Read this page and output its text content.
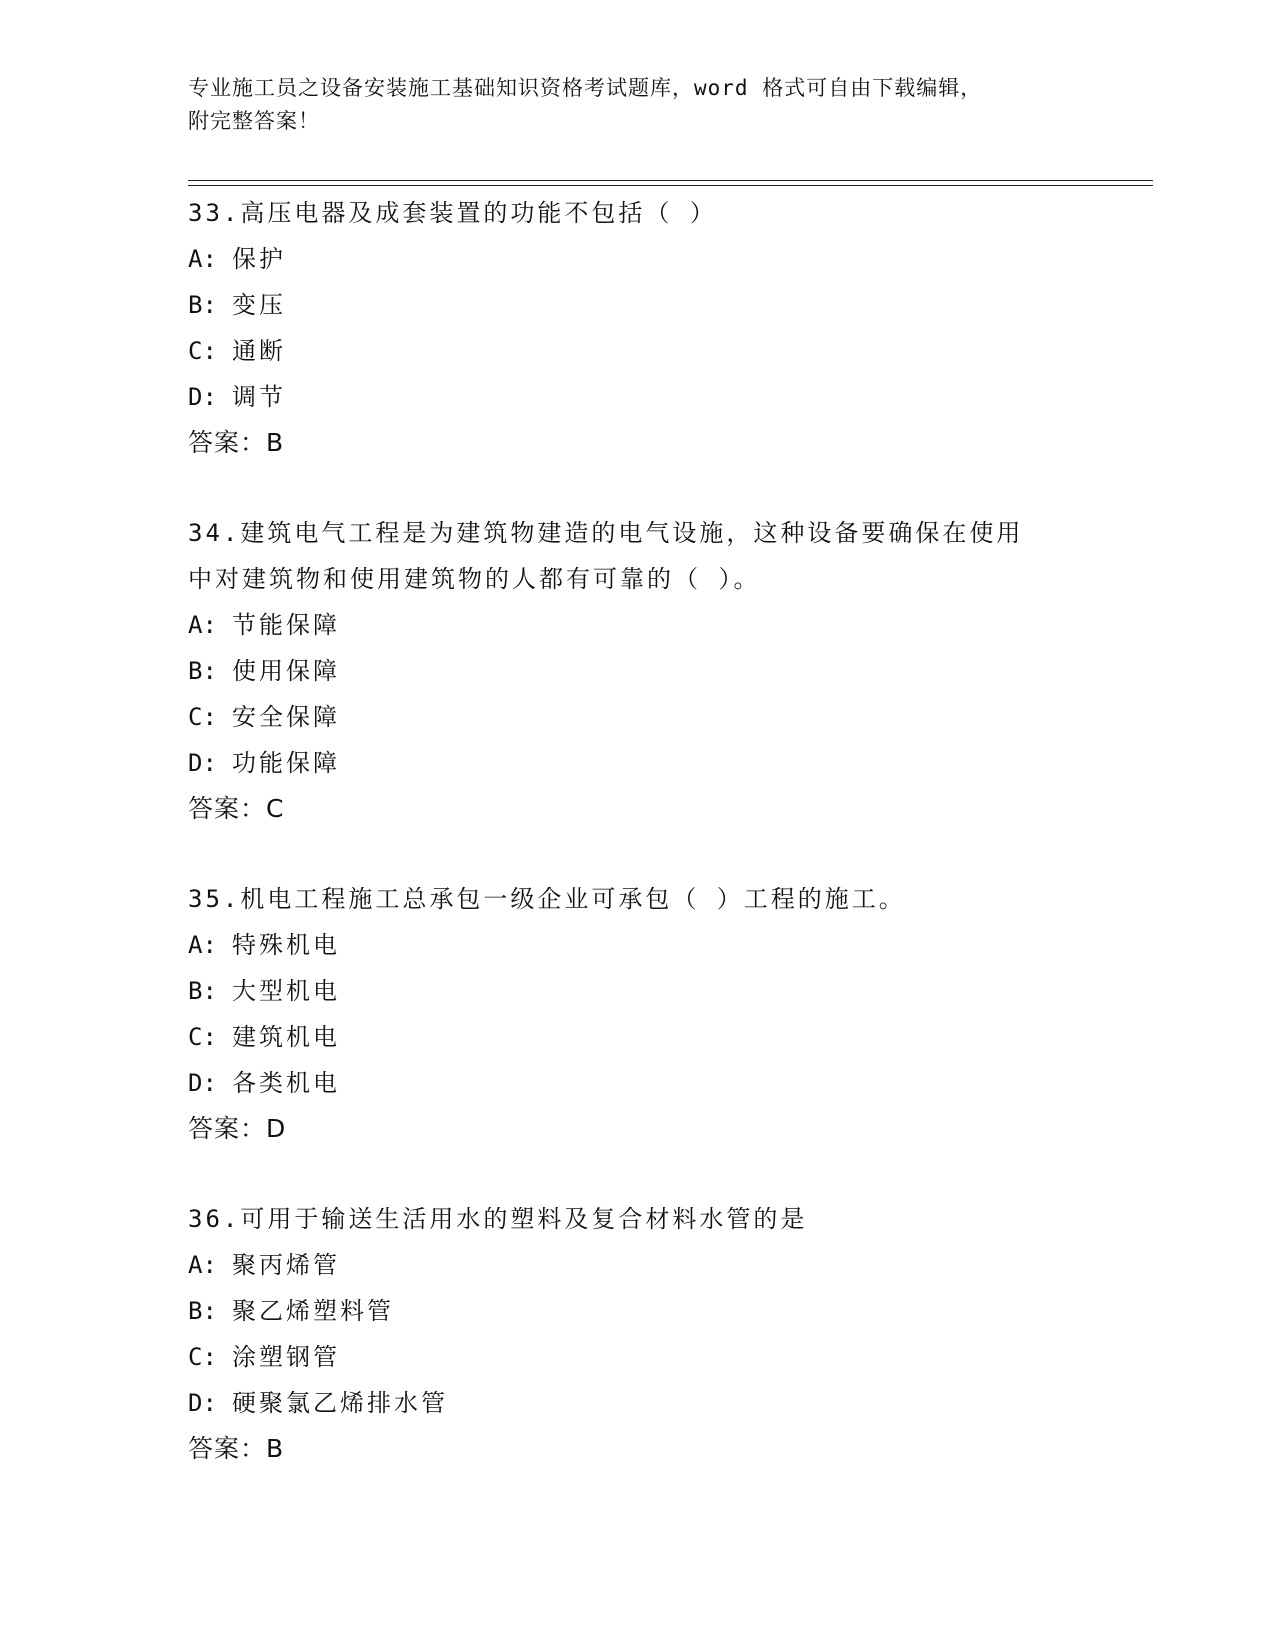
专业施工员之设备安装施工基础知识资格考试题库，word 格式可自由下载编辑，
附完整答案！
33.高压电器及成套装置的功能不包括（ ）
A: 保护
B: 变压
C: 通断
D: 调节
答案：B
34.建筑电气工程是为建筑物建造的电气设施，这种设备要确保在使用
中对建筑物和使用建筑物的人都有可靠的（ ）。
A: 节能保障
B: 使用保障
C: 安全保障
D: 功能保障
答案：C
35.机电工程施工总承包一级企业可承包（ ）工程的施工。
A: 特殊机电
B: 大型机电
C: 建筑机电
D: 各类机电
答案：D
36.可用于输送生活用水的塑料及复合材料水管的是
A: 聚丙烯管
B: 聚乙烯塑料管
C: 涂塑钢管
D: 硬聚氯乙烯排水管
答案：B
